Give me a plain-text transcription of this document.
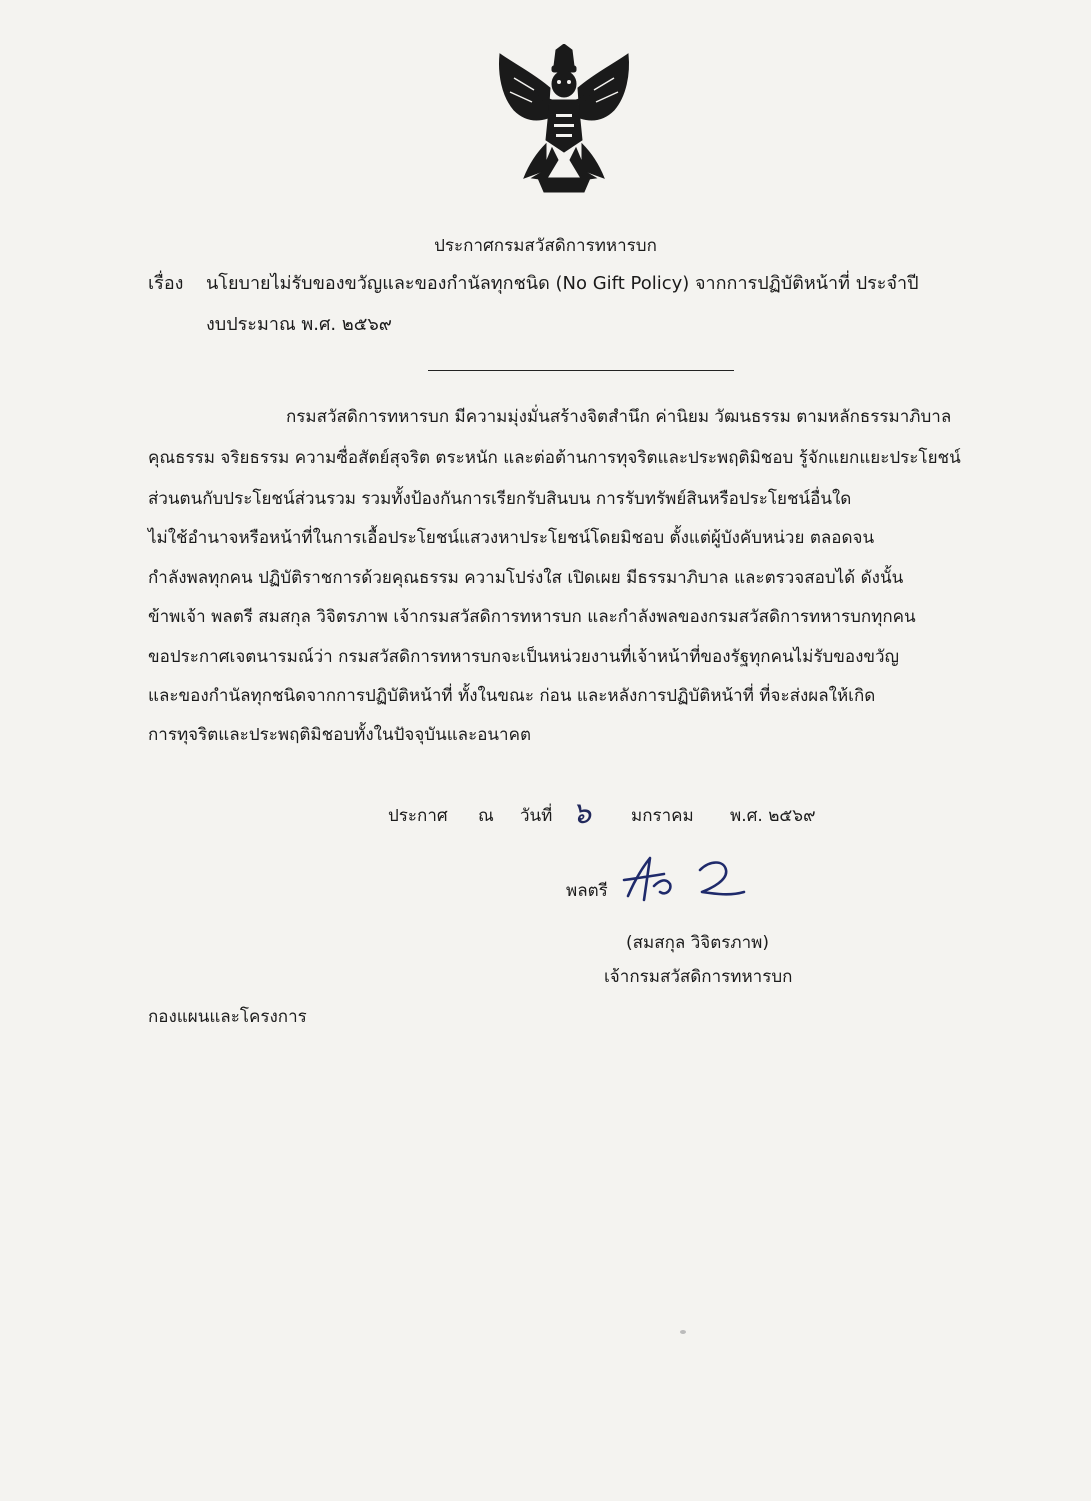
ประกาศกรมสวัสดิการทหารบก
เรื่อง นโยบายไม่รับของขวัญและของกำนัลทุกชนิด (No Gift Policy) จากการปฏิบัติหน้าที่ ประจำปี
งบประมาณ พ.ศ. ๒๕๖๙
กรมสวัสดิการทหารบก มีความมุ่งมั่นสร้างจิตสำนึก ค่านิยม วัฒนธรรม ตามหลักธรรมาภิบาล
คุณธรรม จริยธรรม ความซื่อสัตย์สุจริต ตระหนัก และต่อต้านการทุจริตและประพฤติมิชอบ รู้จักแยกแยะประโยชน์
ส่วนตนกับประโยชน์ส่วนรวม รวมทั้งป้องกันการเรียกรับสินบน การรับทรัพย์สินหรือประโยชน์อื่นใด
ไม่ใช้อำนาจหรือหน้าที่ในการเอื้อประโยชน์แสวงหาประโยชน์โดยมิชอบ ตั้งแต่ผู้บังคับหน่วย ตลอดจน
กำลังพลทุกคน ปฏิบัติราชการด้วยคุณธรรม ความโปร่งใส เปิดเผย มีธรรมาภิบาล และตรวจสอบได้ ดังนั้น
ข้าพเจ้า พลตรี สมสกุล วิจิตรภาพ เจ้ากรมสวัสดิการทหารบก และกำลังพลของกรมสวัสดิการทหารบกทุกคน
ขอประกาศเจตนารมณ์ว่า กรมสวัสดิการทหารบกจะเป็นหน่วยงานที่เจ้าหน้าที่ของรัฐทุกคนไม่รับของขวัญ
และของกำนัลทุกชนิดจากการปฏิบัติหน้าที่ ทั้งในขณะ ก่อน และหลังการปฏิบัติหน้าที่ ที่จะส่งผลให้เกิด
การทุจริตและประพฤติมิชอบทั้งในปัจจุบันและอนาคต
ประกาศ ณ วันที่ ๖ มกราคม พ.ศ. ๒๕๖๙
พลตรี
(สมสกุล วิจิตรภาพ)
เจ้ากรมสวัสดิการทหารบก
กองแผนและโครงการ
